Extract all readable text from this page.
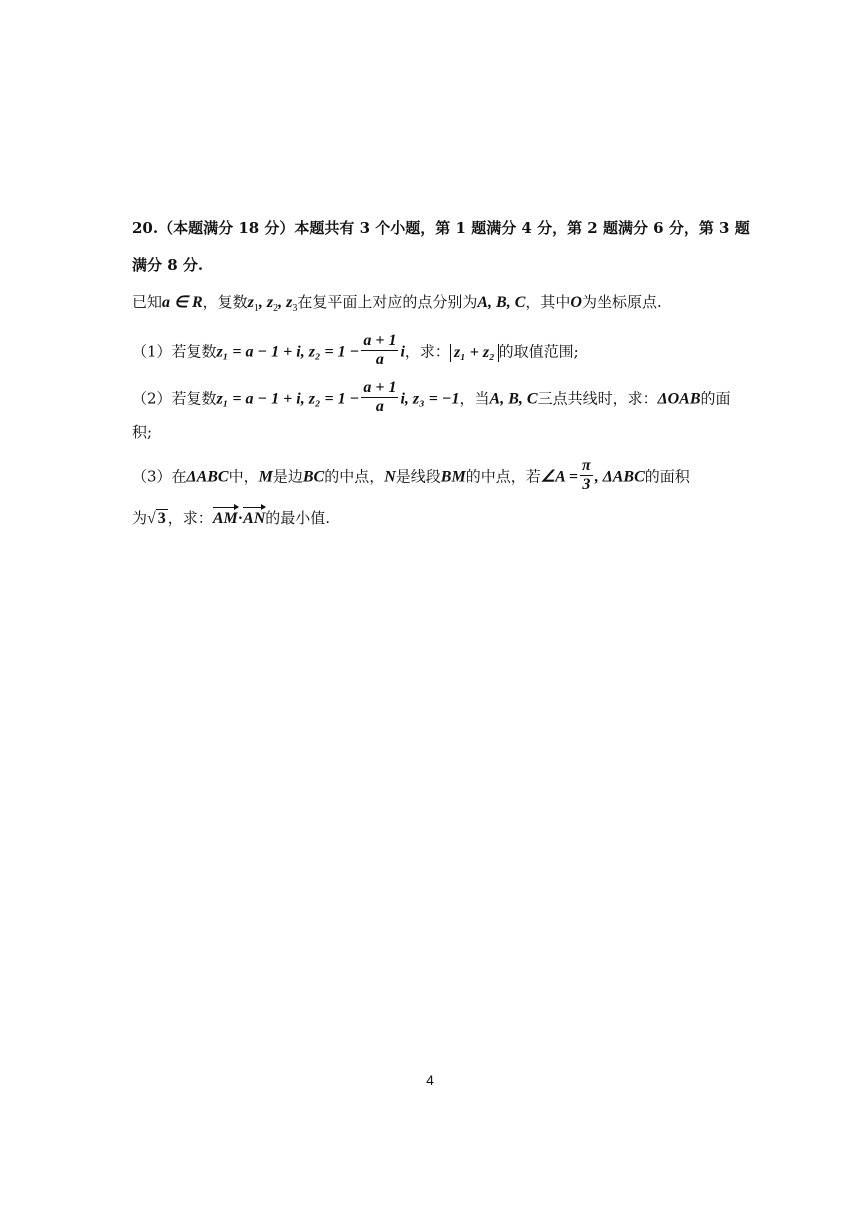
20.（本题满分 18 分）本题共有 3 个小题，第 1 题满分 4 分，第 2 题满分 6 分，第 3 题
满分 8 分.
已知a ∈ R，复数$z_1$, $z_2$, $z_3$在复平面上对应的点分别为A, B, C，其中O为坐标原点.
（1）若复数z₁ = a − 1 + i, $z_2 = 1 - \frac{a + 1}{a}$ i，求： z₁ + z₂ 的取值范围;
（2）若复数z₁ = a − 1 + i, $z_2 = 1 - \frac{a + 1}{a} i$, z₃ = −1，当A, B, C三点共线时，求：ΔOAB的面
积;
（3）在ΔABC中，M是边BC的中点，N是线段BM的中点，若∠A = $\frac{\pi}{3}$ , ΔABC的面积
为√ 3 ，求：AM·AN的最小值.
4
